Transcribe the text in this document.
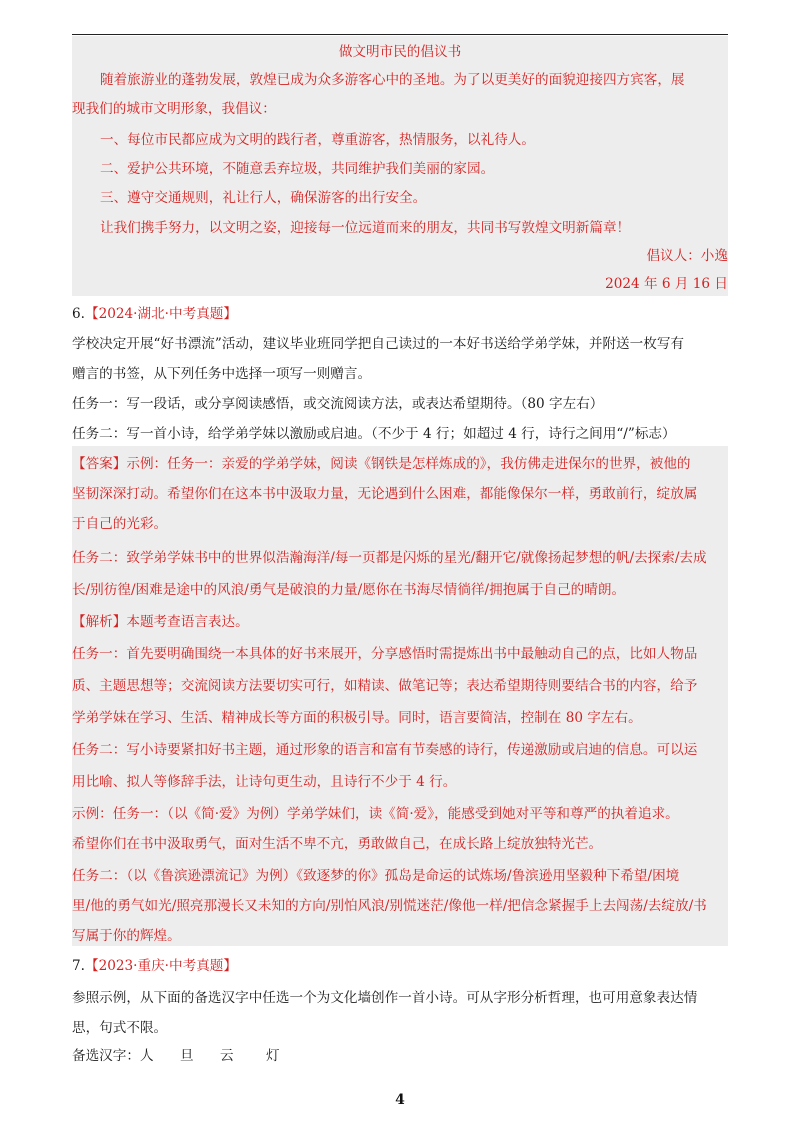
做文明市民的倡议书
随着旅游业的蓬勃发展，敦煌已成为众多游客心中的圣地。为了以更美好的面貌迎接四方宾客，展
现我们的城市文明形象，我倡议：
一、每位市民都应成为文明的践行者，尊重游客，热情服务，以礼待人。
二、爱护公共环境，不随意丢弃垃圾，共同维护我们美丽的家园。
三、遵守交通规则，礼让行人，确保游客的出行安全。
让我们携手努力，以文明之姿，迎接每一位远道而来的朋友，共同书写敦煌文明新篇章！
倡议人：小逸
2024 年 6 月 16 日
6.【2024·湖北·中考真题】
学校决定开展“好书漂流”活动，建议毕业班同学把自己读过的一本好书送给学弟学妹，并附送一枚写有
赠言的书签，从下列任务中选择一项写一则赠言。
任务一：写一段话，或分享阅读感悟，或交流阅读方法，或表达希望期待。（80 字左右）
任务二：写一首小诗，给学弟学妹以激励或启迪。（不少于 4 行；如超过 4 行，诗行之间用“/”标志）
【答案】示例：任务一：亲爱的学弟学妹，阅读《钢铁是怎样炼成的》，我仿佛走进保尔的世界，被他的
坚韧深深打动。希望你们在这本书中汲取力量，无论遇到什么困难，都能像保尔一样，勇敢前行，绽放属
于自己的光彩。
任务二：致学弟学妹书中的世界似浩瀚海洋/每一页都是闪烁的星光/翻开它/就像扬起梦想的帆/去探索/去成
长/别彷徨/困难是途中的风浪/勇气是破浪的力量/愿你在书海尽情徜徉/拥抱属于自己的晴朗。
【解析】本题考查语言表达。
任务一：首先要明确围绕一本具体的好书来展开，分享感悟时需提炼出书中最触动自己的点，比如人物品
质、主题思想等；交流阅读方法要切实可行，如精读、做笔记等；表达希望期待则要结合书的内容，给予
学弟学妹在学习、生活、精神成长等方面的积极引导。同时，语言要简洁，控制在 80 字左右。
任务二：写小诗要紧扣好书主题，通过形象的语言和富有节奏感的诗行，传递激励或启迪的信息。可以运
用比喻、拟人等修辞手法，让诗句更生动，且诗行不少于 4 行。
示例：任务一：（以《简·爱》为例）学弟学妹们，读《简·爱》，能感受到她对平等和尊严的执着追求。
希望你们在书中汲取勇气，面对生活不卑不亢，勇敢做自己，在成长路上绽放独特光芒。
任务二：（以《鲁滨逊漂流记》为例）《致逐梦的你》孤岛是命运的试炼场/鲁滨逊用坚毅种下希望/困境
里/他的勇气如光/照亮那漫长又未知的方向/别怕风浪/别慌迷茫/像他一样/把信念紧握手上去闯荡/去绽放/书
写属于你的辉煌。
7.【2023·重庆·中考真题】
参照示例，从下面的备选汉字中任选一个为文化墙创作一首小诗。可从字形分析哲理，也可用意象表达情
思，句式不限。
备选汉字：人 旦 云 灯
4
